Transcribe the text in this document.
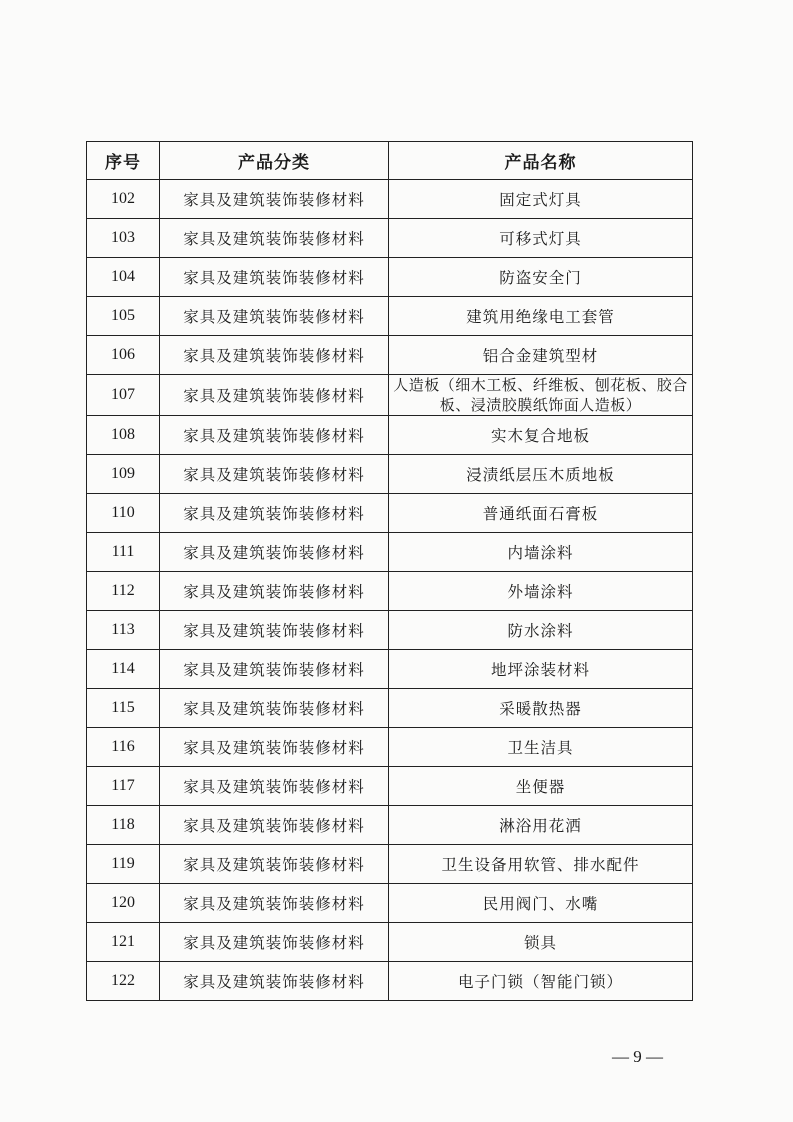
序号	产品分类	产品名称
102	家具及建筑装饰装修材料	固定式灯具
103	家具及建筑装饰装修材料	可移式灯具
104	家具及建筑装饰装修材料	防盗安全门
105	家具及建筑装饰装修材料	建筑用绝缘电工套管
106	家具及建筑装饰装修材料	铝合金建筑型材
107	家具及建筑装饰装修材料	人造板（细木工板、纤维板、刨花板、胶合板、浸渍胶膜纸饰面人造板）
108	家具及建筑装饰装修材料	实木复合地板
109	家具及建筑装饰装修材料	浸渍纸层压木质地板
110	家具及建筑装饰装修材料	普通纸面石膏板
111	家具及建筑装饰装修材料	内墙涂料
112	家具及建筑装饰装修材料	外墙涂料
113	家具及建筑装饰装修材料	防水涂料
114	家具及建筑装饰装修材料	地坪涂装材料
115	家具及建筑装饰装修材料	采暖散热器
116	家具及建筑装饰装修材料	卫生洁具
117	家具及建筑装饰装修材料	坐便器
118	家具及建筑装饰装修材料	淋浴用花洒
119	家具及建筑装饰装修材料	卫生设备用软管、排水配件
120	家具及建筑装饰装修材料	民用阀门、水嘴
121	家具及建筑装饰装修材料	锁具
122	家具及建筑装饰装修材料	电子门锁（智能门锁）
— 9 —
